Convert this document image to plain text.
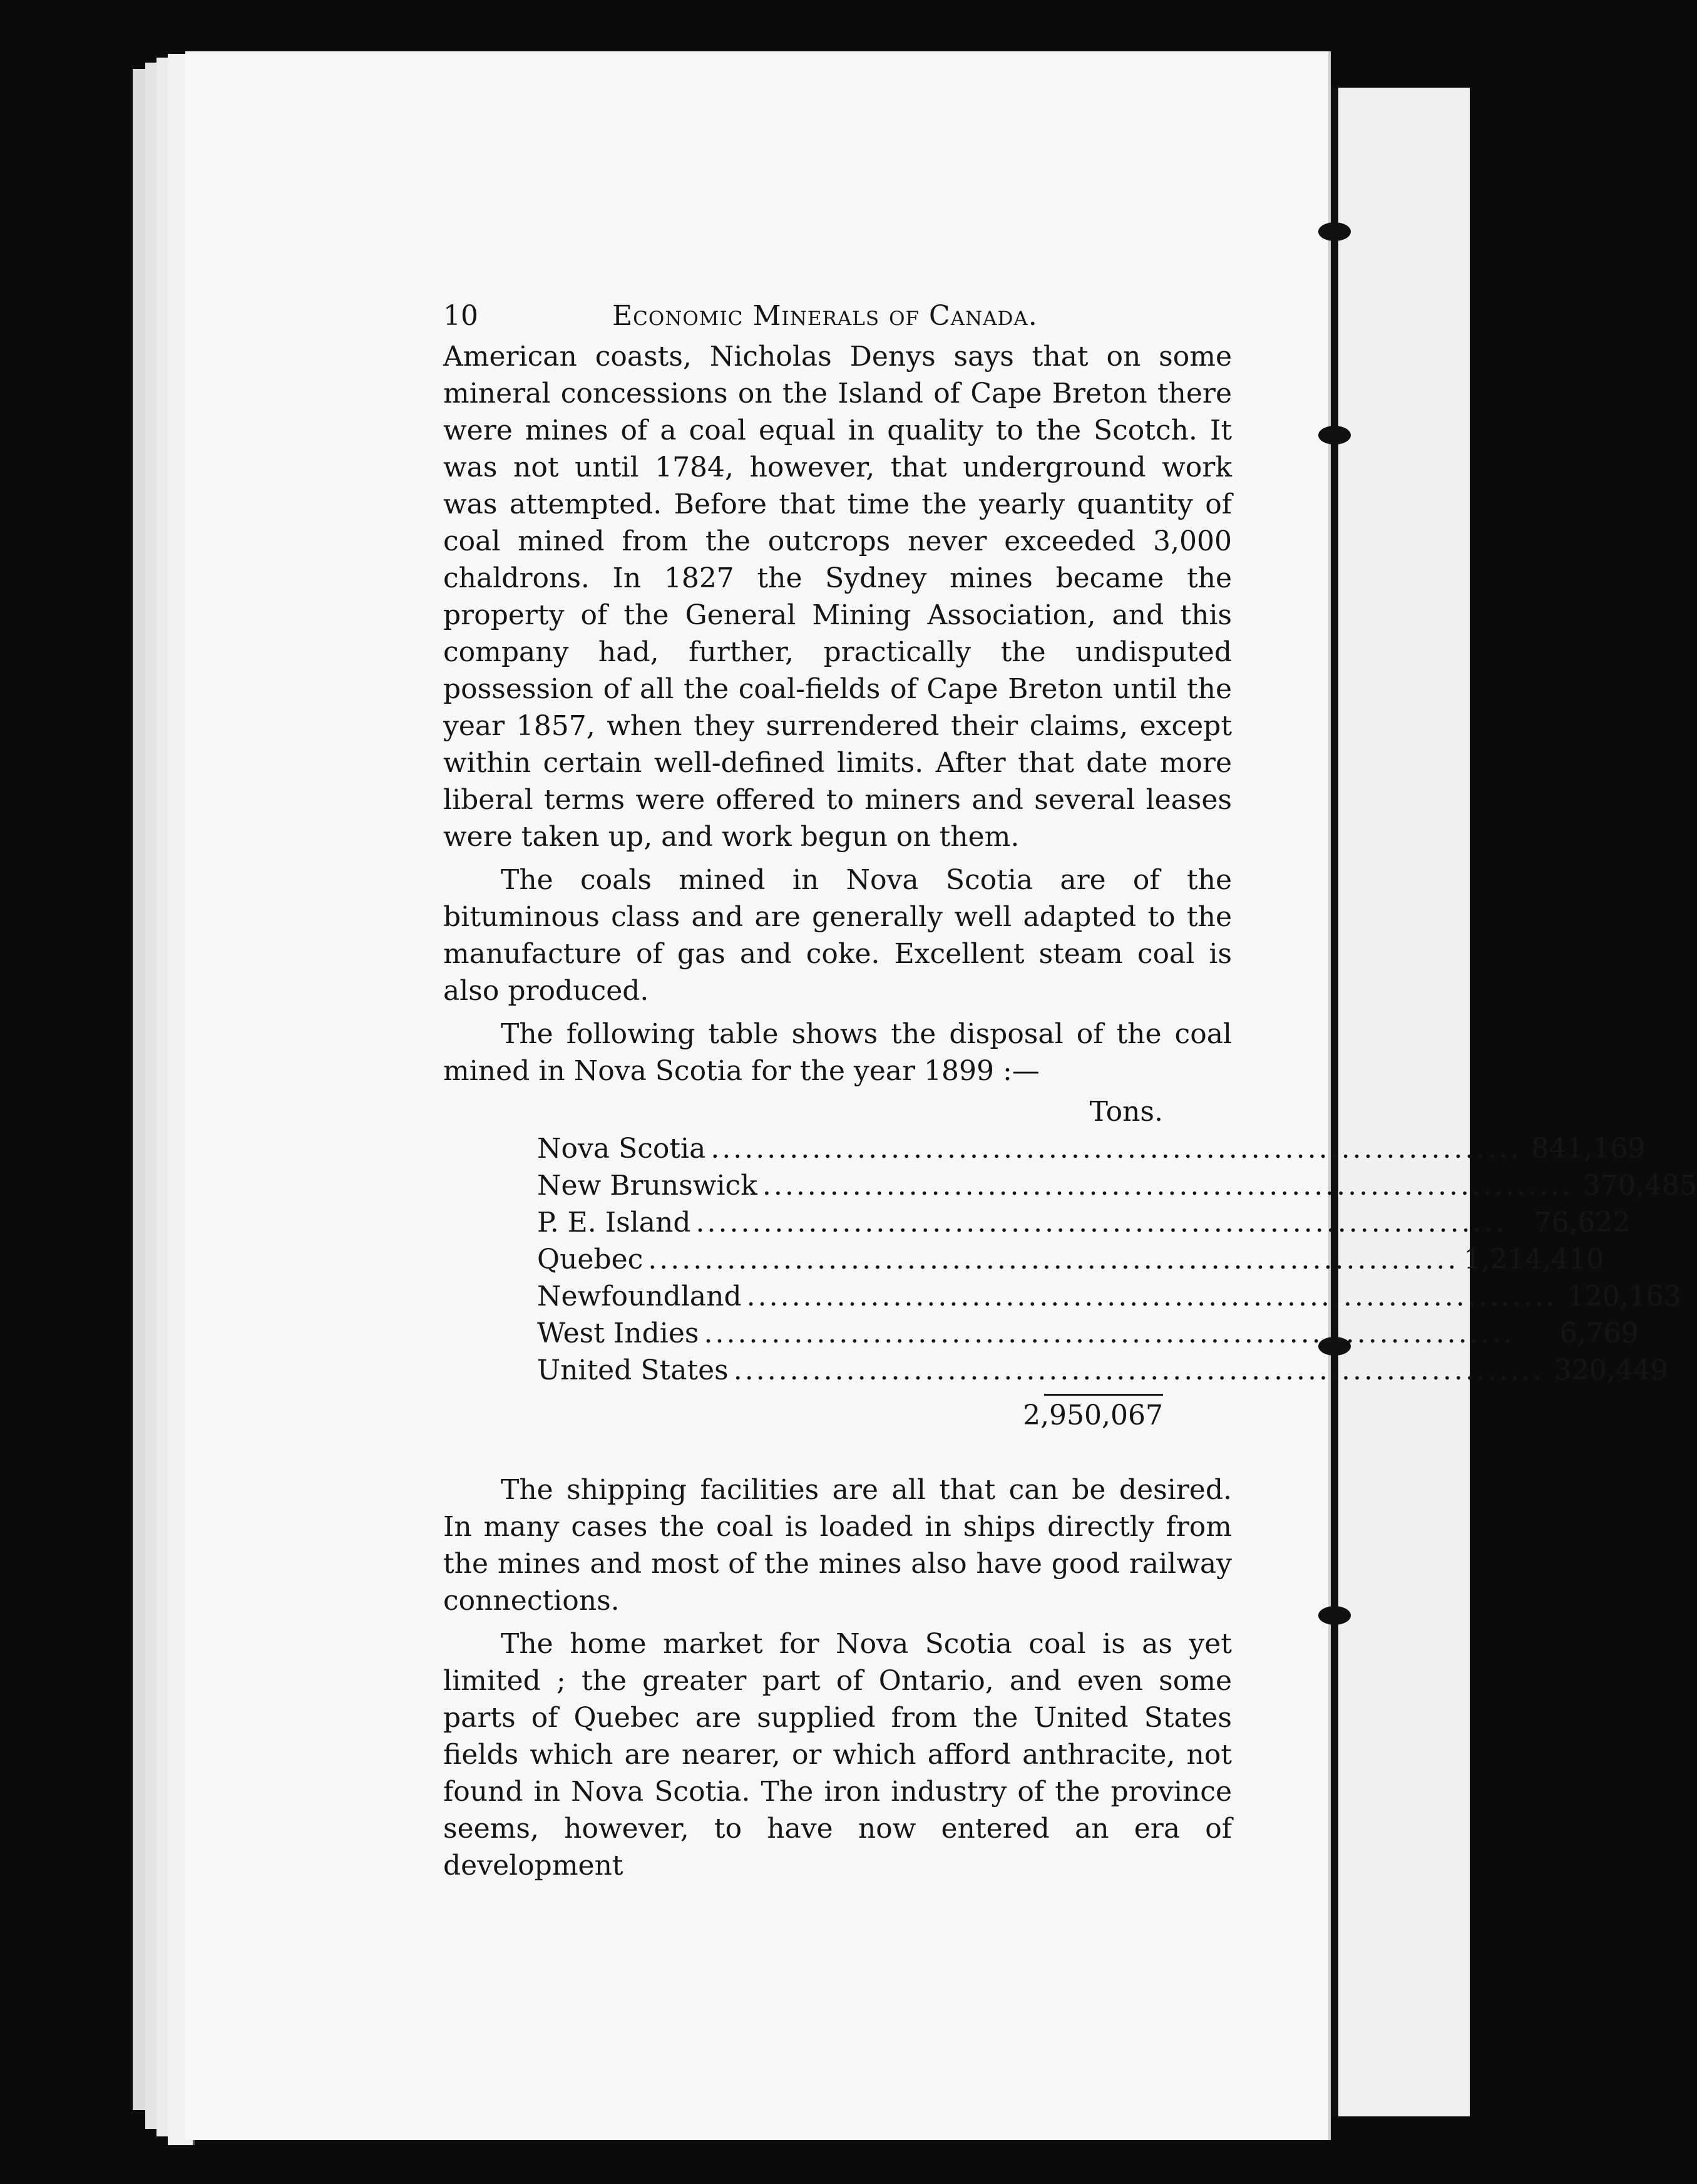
10	Economic Minerals of Canada.

American coasts, Nicholas Denys says that on some mineral concessions on the Island of Cape Breton there were mines of a coal equal in quality to the Scotch. It was not until 1784, however, that underground work was attempted. Before that time the yearly quantity of coal mined from the outcrops never exceeded 3,000 chaldrons. In 1827 the Sydney mines became the property of the General Mining Association, and this company had, further, practically the undisputed possession of all the coal-fields of Cape Breton until the year 1857, when they surrendered their claims, except within certain well-defined limits. After that date more liberal terms were offered to miners and several leases were taken up, and work begun on them.

The coals mined in Nova Scotia are of the bituminous class and are generally well adapted to the manufacture of gas and coke. Excellent steam coal is also produced.

The following table shows the disposal of the coal mined in Nova Scotia for the year 1899 :—

Tons.
Nova Scotia ........................................................................ 841,169
New Brunswick ........................................................................ 370,485
P. E. Island ........................................................................	76,622
Quebec ........................................................................ 1,214,410
Newfoundland ........................................................................ 120,163
West Indies ........................................................................	6,769
United States ........................................................................ 320,449
2,950,067

The shipping facilities are all that can be desired. In many cases the coal is loaded in ships directly from the mines and most of the mines also have good railway connections.

The home market for Nova Scotia coal is as yet limited ; the greater part of Ontario, and even some parts of Quebec are supplied from the United States fields which are nearer, or which afford anthracite, not found in Nova Scotia. The iron industry of the province seems, however, to have now entered an era of development
